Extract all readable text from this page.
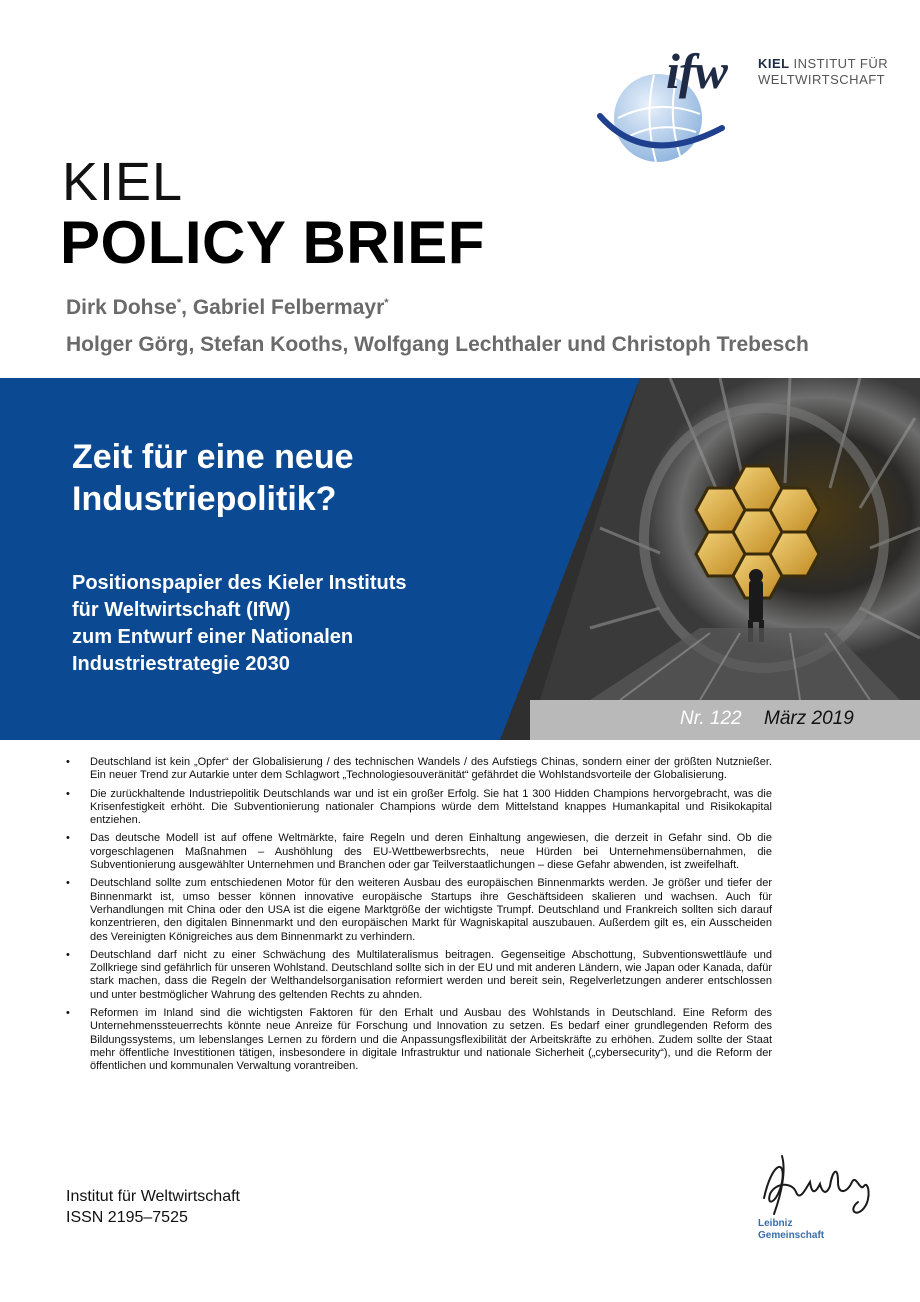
ifw KIEL INSTITUT FÜR
WELTWIRTSCHAFT
KIEL
POLICY BRIEF
Dirk Dohse*, Gabriel Felbermayr*
Holger Görg, Stefan Kooths, Wolfgang Lechthaler und Christoph Trebesch
Zeit für eine neue
Industriepolitik?
Positionspapier des Kieler Instituts
für Weltwirtschaft (IfW)
zum Entwurf einer Nationalen
Industriestrategie 2030
Nr. 122 März 2019
• Deutschland ist kein „Opfer“ der Globalisierung / des technischen Wandels / des Aufstiegs Chinas, sondern einer der größten Nutznießer. Ein neuer Trend zur Autarkie unter dem Schlagwort „Technologiesouveränität“ gefährdet die Wohlstandsvorteile der Globalisierung.
• Die zurückhaltende Industriepolitik Deutschlands war und ist ein großer Erfolg. Sie hat 1 300 Hidden Champions hervorgebracht, was die Krisenfestigkeit erhöht. Die Subventionierung nationaler Champions würde dem Mittelstand knappes Humankapital und Risikokapital entziehen.
• Das deutsche Modell ist auf offene Weltmärkte, faire Regeln und deren Einhaltung angewiesen, die derzeit in Gefahr sind. Ob die vorgeschlagenen Maßnahmen – Aushöhlung des EU-Wettbewerbsrechts, neue Hürden bei Unternehmensübernahmen, die Subventionierung ausgewählter Unternehmen und Branchen oder gar Teilverstaatlichungen – diese Gefahr abwenden, ist zweifelhaft.
• Deutschland sollte zum entschiedenen Motor für den weiteren Ausbau des europäischen Binnenmarkts werden. Je größer und tiefer der Binnenmarkt ist, umso besser können innovative europäische Startups ihre Geschäftsideen skalieren und wachsen. Auch für Verhandlungen mit China oder den USA ist die eigene Marktgröße der wichtigste Trumpf. Deutschland und Frankreich sollten sich darauf konzentrieren, den digitalen Binnenmarkt und den europäischen Markt für Wagniskapital auszubauen. Außerdem gilt es, ein Ausscheiden des Vereinigten Königreiches aus dem Binnenmarkt zu verhindern.
• Deutschland darf nicht zu einer Schwächung des Multilateralismus beitragen. Gegenseitige Abschottung, Subventionswettläufe und Zollkriege sind gefährlich für unseren Wohlstand. Deutschland sollte sich in der EU und mit anderen Ländern, wie Japan oder Kanada, dafür stark machen, dass die Regeln der Welthandelsorganisation reformiert werden und bereit sein, Regelverletzungen anderer entschlossen und unter bestmöglicher Wahrung des geltenden Rechts zu ahnden.
• Reformen im Inland sind die wichtigsten Faktoren für den Erhalt und Ausbau des Wohlstands in Deutschland. Eine Reform des Unternehmenssteuerrechts könnte neue Anreize für Forschung und Innovation zu setzen. Es bedarf einer grundlegenden Reform des Bildungssystems, um lebenslanges Lernen zu fördern und die Anpassungsflexibilität der Arbeitskräfte zu erhöhen. Zudem sollte der Staat mehr öffentliche Investitionen tätigen, insbesondere in digitale Infrastruktur und nationale Sicherheit („cybersecurity“), und die Reform der öffentlichen und kommunalen Verwaltung vorantreiben.
Institut für Weltwirtschaft
ISSN 2195–7525	Leibniz
Gemeinschaft
